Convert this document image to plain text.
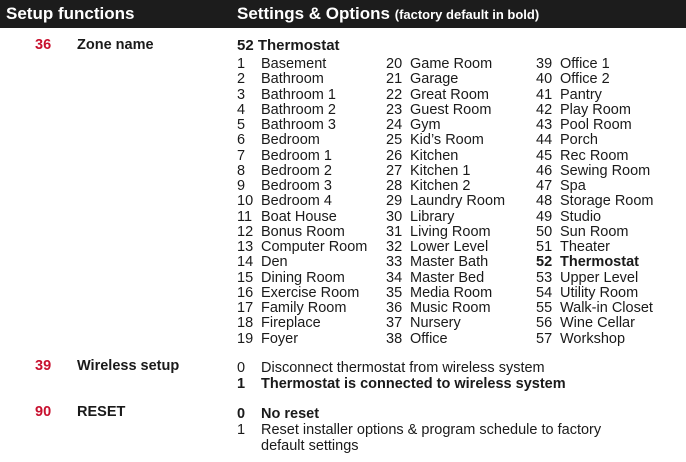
Setup functions	Settings & Options (factory default in bold)
36 Zone name	52 Thermostat
1 Basement
2 Bathroom
3 Bathroom 1
4 Bathroom 2
5 Bathroom 3
6 Bedroom
7 Bedroom 1
8 Bedroom 2
9 Bedroom 3
10 Bedroom 4
11 Boat House
12 Bonus Room
13 Computer Room
14 Den
15 Dining Room
16 Exercise Room
17 Family Room
18 Fireplace
19 Foyer
20 Game Room
21 Garage
22 Great Room
23 Guest Room
24 Gym
25 Kid’s Room
26 Kitchen
27 Kitchen 1
28 Kitchen 2
29 Laundry Room
30 Library
31 Living Room
32 Lower Level
33 Master Bath
34 Master Bed
35 Media Room
36 Music Room
37 Nursery
38 Office
39 Office 1
40 Office 2
41 Pantry
42 Play Room
43 Pool Room
44 Porch
45 Rec Room
46 Sewing Room
47 Spa
48 Storage Room
49 Studio
50 Sun Room
51 Theater
52 Thermostat
53 Upper Level
54 Utility Room
55 Walk-in Closet
56 Wine Cellar
57 Workshop
39 Wireless setup	0 Disconnect thermostat from wireless system
1 Thermostat is connected to wireless system
90 RESET	0 No reset
1 Reset installer options & program schedule to factory
default settings
